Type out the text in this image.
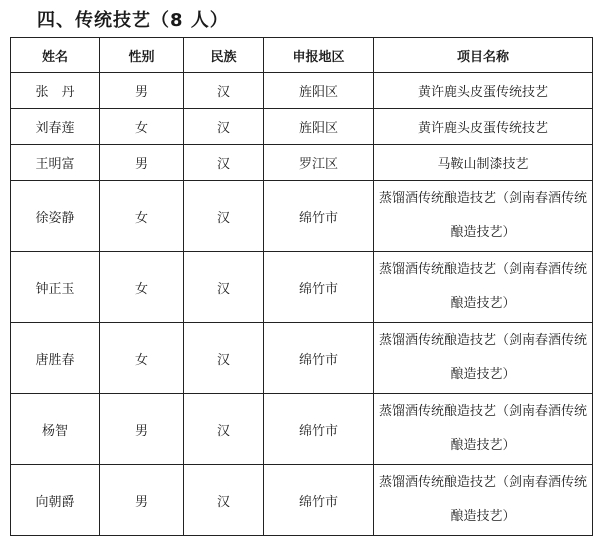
四、传统技艺（8 人）
姓名	性别	民族	申报地区	项目名称
张　丹	男	汉	旌阳区	黄许鹿头皮蛋传统技艺
刘春莲	女	汉	旌阳区	黄许鹿头皮蛋传统技艺
王明富	男	汉	罗江区	马鞍山制漆技艺
徐姿静	女	汉	绵竹市	蒸馏酒传统酿造技艺（剑南春酒传统酿造技艺）
钟正玉	女	汉	绵竹市	蒸馏酒传统酿造技艺（剑南春酒传统酿造技艺）
唐胜春	女	汉	绵竹市	蒸馏酒传统酿造技艺（剑南春酒传统酿造技艺）
杨智	男	汉	绵竹市	蒸馏酒传统酿造技艺（剑南春酒传统酿造技艺）
向朝爵	男	汉	绵竹市	蒸馏酒传统酿造技艺（剑南春酒传统酿造技艺）
